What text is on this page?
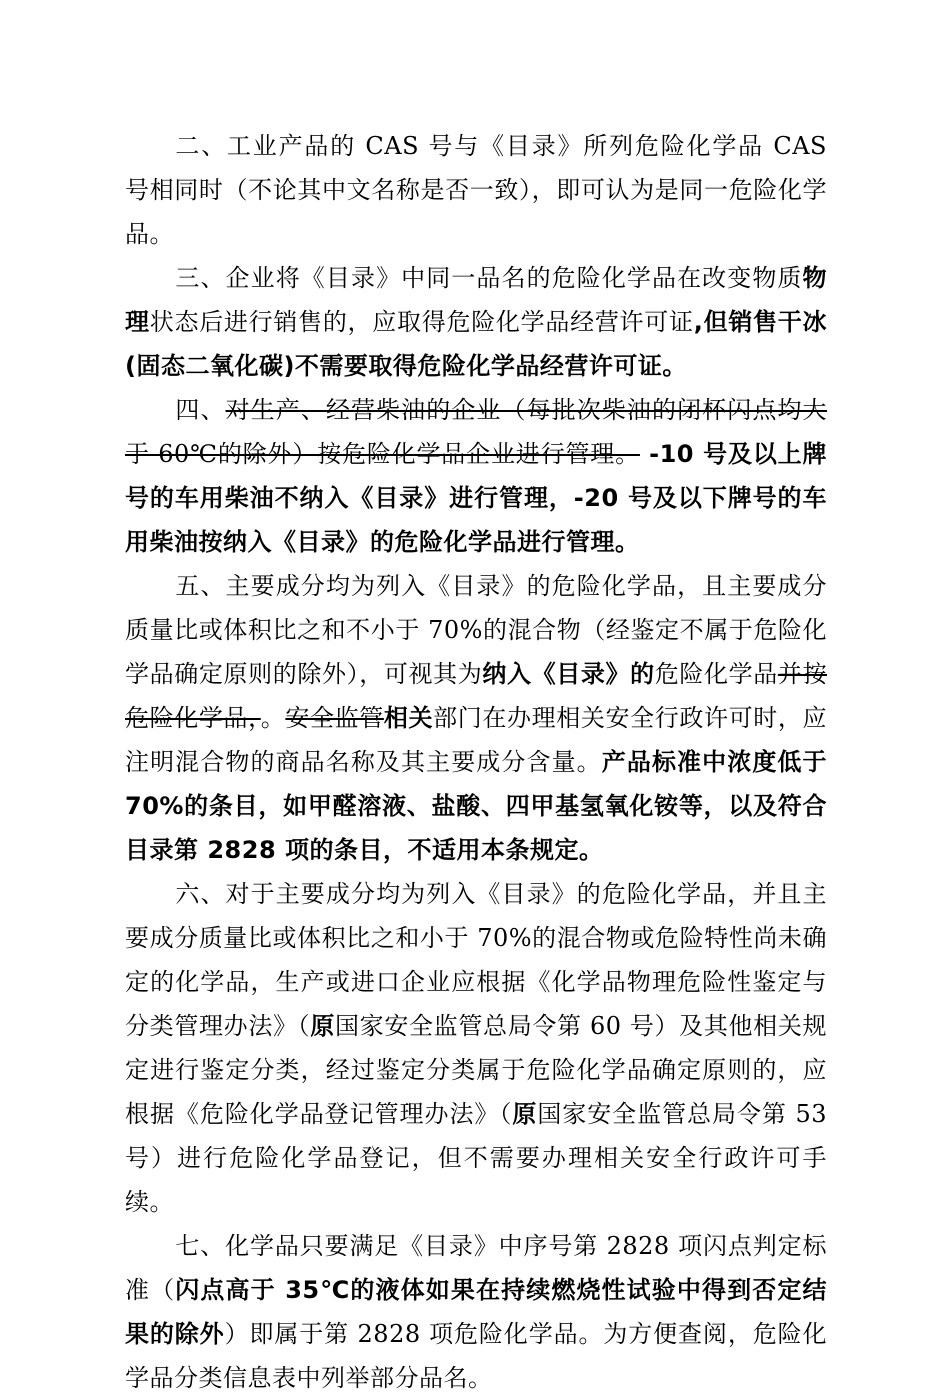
二、工业产品的 CAS 号与《目录》所列危险化学品 CAS 号相同时（不论其中文名称是否一致），即可认为是同一危险化学品。

三、企业将《目录》中同一品名的危险化学品在改变物质物理状态后进行销售的，应取得危险化学品经营许可证,但销售干冰(固态二氧化碳)不需要取得危险化学品经营许可证。

四、对生产、经营柴油的企业（每批次柴油的闭杯闪点均大于 60℃的除外）按危险化学品企业进行管理。 -10 号及以上牌号的车用柴油不纳入《目录》进行管理，-20 号及以下牌号的车用柴油按纳入《目录》的危险化学品进行管理。

五、主要成分均为列入《目录》的危险化学品，且主要成分质量比或体积比之和不小于 70%的混合物（经鉴定不属于危险化学品确定原则的除外），可视其为纳入《目录》的危险化学品并按危险化学品，。安全监管相关部门在办理相关安全行政许可时，应注明混合物的商品名称及其主要成分含量。产品标准中浓度低于 70%的条目，如甲醛溶液、盐酸、四甲基氢氧化铵等，以及符合目录第 2828 项的条目，不适用本条规定。

六、对于主要成分均为列入《目录》的危险化学品，并且主要成分质量比或体积比之和小于 70%的混合物或危险特性尚未确定的化学品，生产或进口企业应根据《化学品物理危险性鉴定与分类管理办法》（原国家安全监管总局令第 60 号）及其他相关规定进行鉴定分类，经过鉴定分类属于危险化学品确定原则的，应根据《危险化学品登记管理办法》（原国家安全监管总局令第 53 号）进行危险化学品登记，但不需要办理相关安全行政许可手续。

七、化学品只要满足《目录》中序号第 2828 项闪点判定标准（闪点高于 35℃的液体如果在持续燃烧性试验中得到否定结果的除外）即属于第 2828 项危险化学品。为方便查阅，危险化学品分类信息表中列举部分品名。
